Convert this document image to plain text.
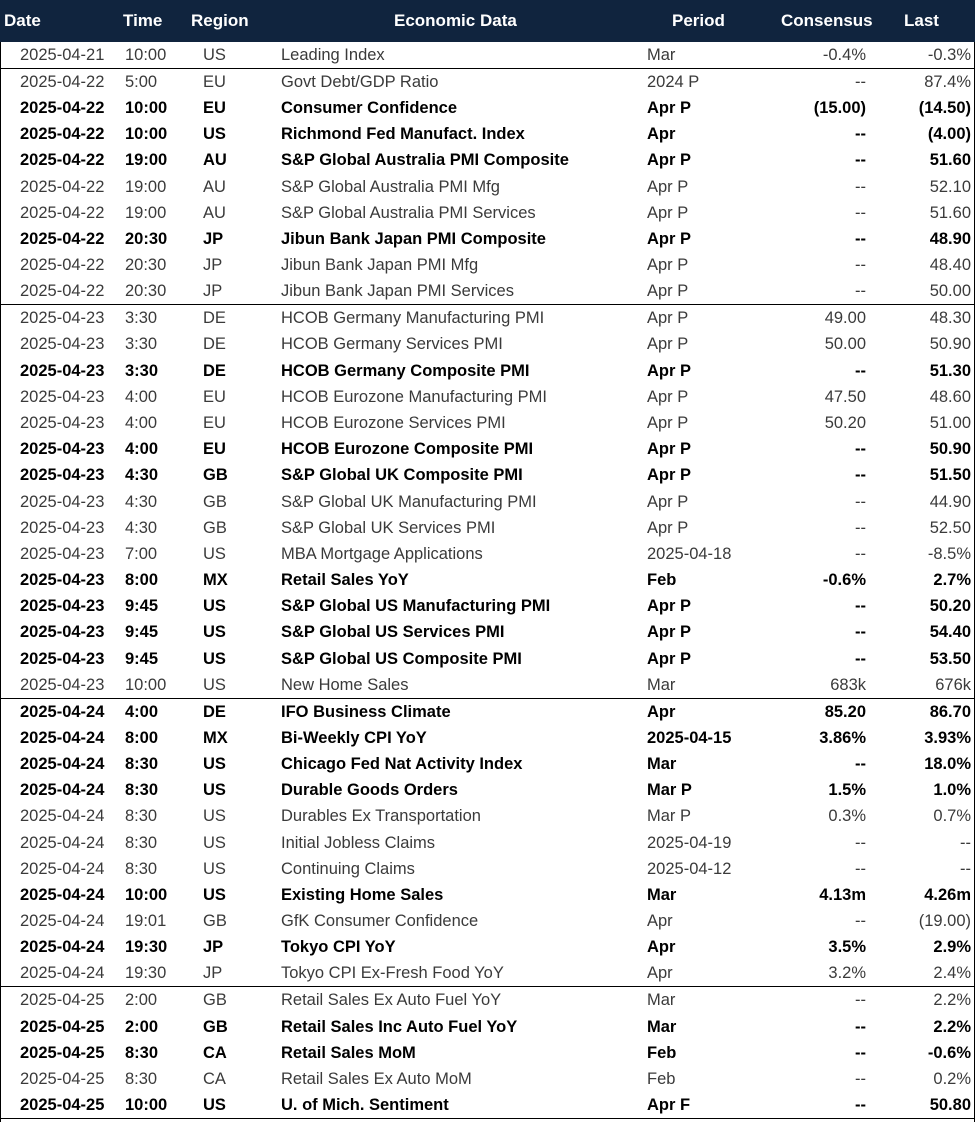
Date	Time	Region	Economic Data	Period	Consensus	Last
2025-04-21	10:00	US	Leading Index	Mar	-0.4%	-0.3%
2025-04-22	5:00	EU	Govt Debt/GDP Ratio	2024 P	--	87.4%
2025-04-22	10:00	EU	Consumer Confidence	Apr P	(15.00)	(14.50)
2025-04-22	10:00	US	Richmond Fed Manufact. Index	Apr	--	(4.00)
2025-04-22	19:00	AU	S&P Global Australia PMI Composite	Apr P	--	51.60
2025-04-22	19:00	AU	S&P Global Australia PMI Mfg	Apr P	--	52.10
2025-04-22	19:00	AU	S&P Global Australia PMI Services	Apr P	--	51.60
2025-04-22	20:30	JP	Jibun Bank Japan PMI Composite	Apr P	--	48.90
2025-04-22	20:30	JP	Jibun Bank Japan PMI Mfg	Apr P	--	48.40
2025-04-22	20:30	JP	Jibun Bank Japan PMI Services	Apr P	--	50.00
2025-04-23	3:30	DE	HCOB Germany Manufacturing PMI	Apr P	49.00	48.30
2025-04-23	3:30	DE	HCOB Germany Services PMI	Apr P	50.00	50.90
2025-04-23	3:30	DE	HCOB Germany Composite PMI	Apr P	--	51.30
2025-04-23	4:00	EU	HCOB Eurozone Manufacturing PMI	Apr P	47.50	48.60
2025-04-23	4:00	EU	HCOB Eurozone Services PMI	Apr P	50.20	51.00
2025-04-23	4:00	EU	HCOB Eurozone Composite PMI	Apr P	--	50.90
2025-04-23	4:30	GB	S&P Global UK Composite PMI	Apr P	--	51.50
2025-04-23	4:30	GB	S&P Global UK Manufacturing PMI	Apr P	--	44.90
2025-04-23	4:30	GB	S&P Global UK Services PMI	Apr P	--	52.50
2025-04-23	7:00	US	MBA Mortgage Applications	2025-04-18	--	-8.5%
2025-04-23	8:00	MX	Retail Sales YoY	Feb	-0.6%	2.7%
2025-04-23	9:45	US	S&P Global US Manufacturing PMI	Apr P	--	50.20
2025-04-23	9:45	US	S&P Global US Services PMI	Apr P	--	54.40
2025-04-23	9:45	US	S&P Global US Composite PMI	Apr P	--	53.50
2025-04-23	10:00	US	New Home Sales	Mar	683k	676k
2025-04-24	4:00	DE	IFO Business Climate	Apr	85.20	86.70
2025-04-24	8:00	MX	Bi-Weekly CPI YoY	2025-04-15	3.86%	3.93%
2025-04-24	8:30	US	Chicago Fed Nat Activity Index	Mar	--	18.0%
2025-04-24	8:30	US	Durable Goods Orders	Mar P	1.5%	1.0%
2025-04-24	8:30	US	Durables Ex Transportation	Mar P	0.3%	0.7%
2025-04-24	8:30	US	Initial Jobless Claims	2025-04-19	--	--
2025-04-24	8:30	US	Continuing Claims	2025-04-12	--	--
2025-04-24	10:00	US	Existing Home Sales	Mar	4.13m	4.26m
2025-04-24	19:01	GB	GfK Consumer Confidence	Apr	--	(19.00)
2025-04-24	19:30	JP	Tokyo CPI YoY	Apr	3.5%	2.9%
2025-04-24	19:30	JP	Tokyo CPI Ex-Fresh Food YoY	Apr	3.2%	2.4%
2025-04-25	2:00	GB	Retail Sales Ex Auto Fuel YoY	Mar	--	2.2%
2025-04-25	2:00	GB	Retail Sales Inc Auto Fuel YoY	Mar	--	2.2%
2025-04-25	8:30	CA	Retail Sales MoM	Feb	--	-0.6%
2025-04-25	8:30	CA	Retail Sales Ex Auto MoM	Feb	--	0.2%
2025-04-25	10:00	US	U. of Mich. Sentiment	Apr F	--	50.80
